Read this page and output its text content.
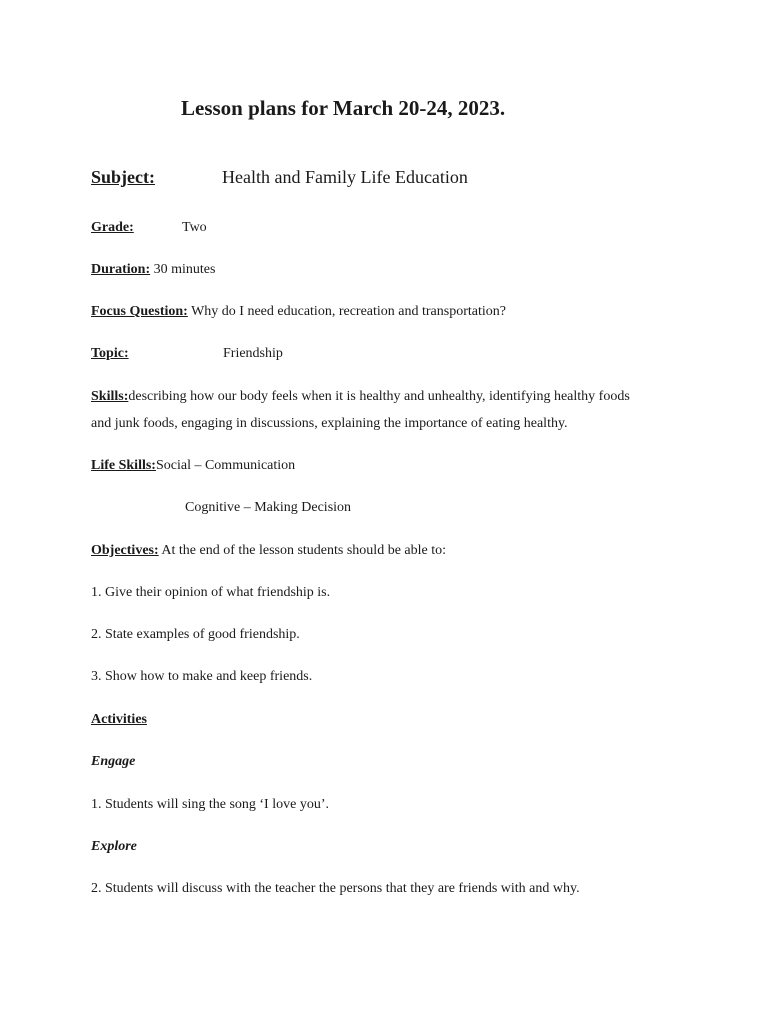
Lesson plans for March 20-24, 2023.
Subject:	Health and Family Life Education
Grade:	Two
Duration: 30 minutes
Focus Question: Why do I need education, recreation and transportation?
Topic:	Friendship
Skills:describing how our body feels when it is healthy and unhealthy, identifying healthy foods
and junk foods, engaging in discussions, explaining the importance of eating healthy.
Life Skills:Social – Communication
Cognitive – Making Decision
Objectives: At the end of the lesson students should be able to:
1. Give their opinion of what friendship is.
2. State examples of good friendship.
3. Show how to make and keep friends.
Activities
Engage
1. Students will sing the song ‘I love you’.
Explore
2. Students will discuss with the teacher the persons that they are friends with and why.
